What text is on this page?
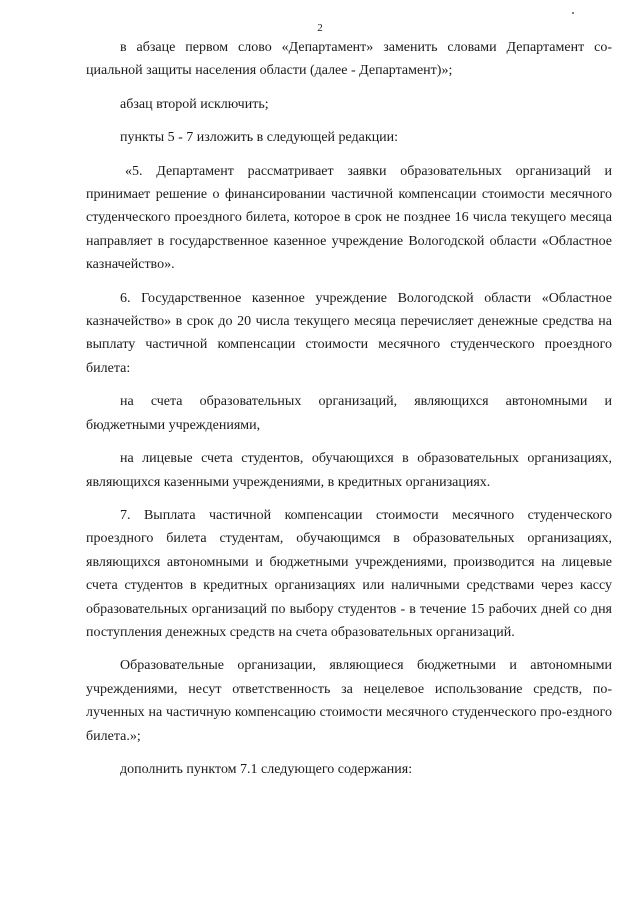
2

в абзаце первом слово «Департамент» заменить словами Департамент со-циальной защиты населения области (далее - Департамент)»;

абзац второй исключить;

пункты 5 - 7 изложить в следующей редакции:

«5. Департамент рассматривает заявки образовательных организаций и принимает решение о финансировании частичной компенсации стоимости месячного студенческого проездного билета, которое в срок не позднее 16 числа текущего месяца направляет в государственное казенное учреждение Вологодской области «Областное казначейство».

6. Государственное казенное учреждение Вологодской области «Областное казначейство» в срок до 20 числа текущего месяца перечисляет денежные средства на выплату частичной компенсации стоимости месячного студенческого проездного билета:

на счета образовательных организаций, являющихся автономными и бюджетными учреждениями,

на лицевые счета студентов, обучающихся в образовательных организациях, являющихся казенными учреждениями, в кредитных организациях.

7. Выплата частичной компенсации стоимости месячного студенческого проездного билета студентам, обучающимся в образовательных организациях, являющихся автономными и бюджетными учреждениями, производится на лицевые счета студентов в кредитных организациях или наличными средствами через кассу образовательных организаций по выбору студентов - в течение 15 рабочих дней со дня поступления денежных средств на счета образовательных организаций.

Образовательные организации, являющиеся бюджетными и автономными учреждениями, несут ответственность за нецелевое использование средств, по-лученных на частичную компенсацию стоимости месячного студенческого про-ездного билета.»;

дополнить пунктом 7.1 следующего содержания:
